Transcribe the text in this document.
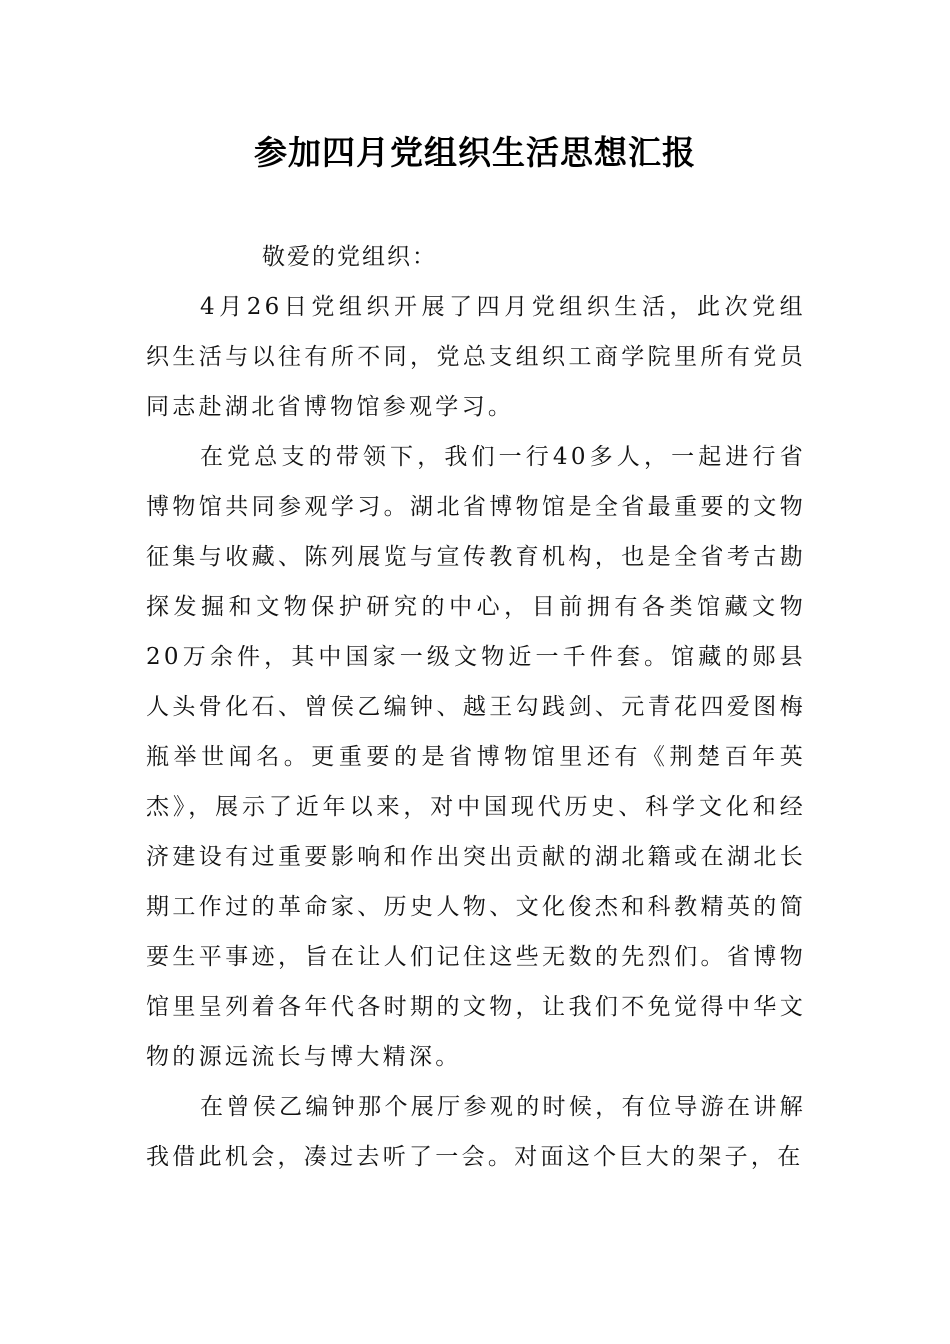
参加四月党组织生活思想汇报

敬爱的党组织：

4月26日党组织开展了四月党组织生活，此次党组织生活与以往有所不同，党总支组织工商学院里所有党员同志赴湖北省博物馆参观学习。

在党总支的带领下，我们一行40多人，一起进行省博物馆共同参观学习。湖北省博物馆是全省最重要的文物征集与收藏、陈列展览与宣传教育机构，也是全省考古勘探发掘和文物保护研究的中心，目前拥有各类馆藏文物20万余件，其中国家一级文物近一千件套。馆藏的郧县人头骨化石、曾侯乙编钟、越王勾践剑、元青花四爱图梅瓶举世闻名。更重要的是省博物馆里还有《荆楚百年英杰》，展示了近年以来，对中国现代历史、科学文化和经济建设有过重要影响和作出突出贡献的湖北籍或在湖北长期工作过的革命家、历史人物、文化俊杰和科教精英的简要生平事迹，旨在让人们记住这些无数的先烈们。省博物馆里呈列着各年代各时期的文物，让我们不免觉得中华文物的源远流长与博大精深。

在曾侯乙编钟那个展厅参观的时候，有位导游在讲解我借此机会，凑过去听了一会。对面这个巨大的架子，在
